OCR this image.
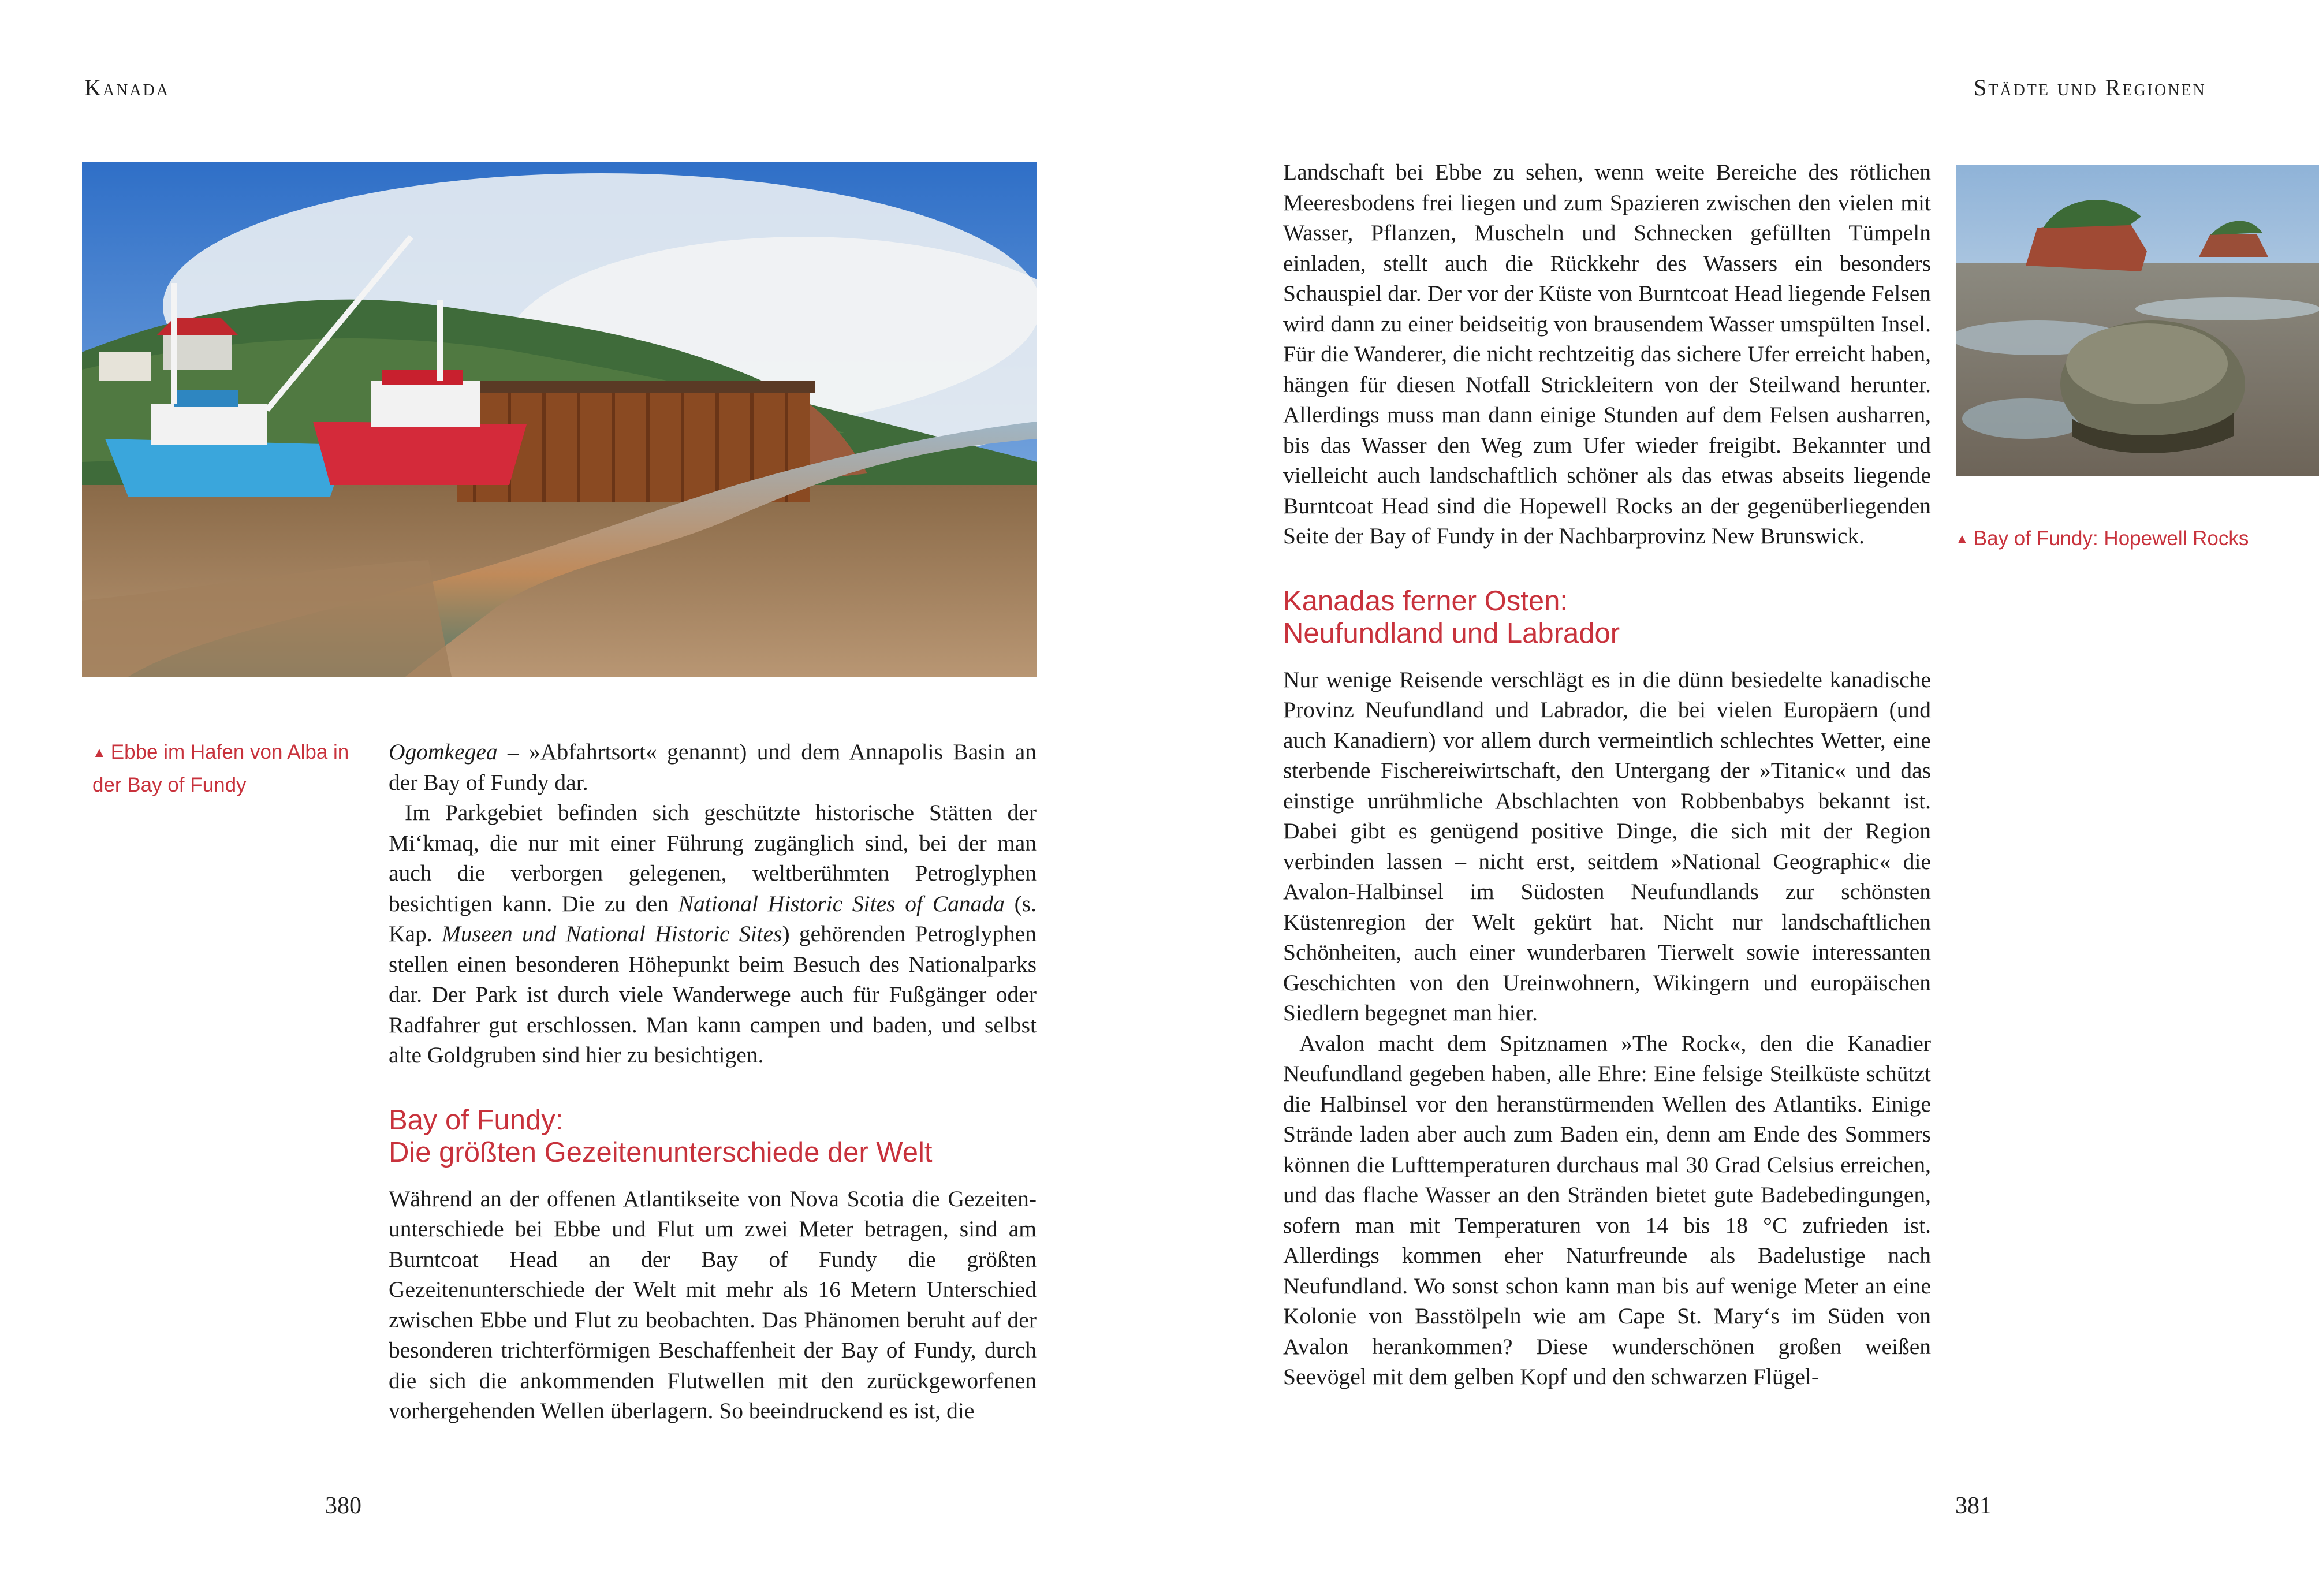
Kanada	Städte und Regionen
▲ Ebbe im Hafen von Alba in der Bay of Fundy

Ogomkegea – »Abfahrtsort« genannt) und dem Annapolis Basin an der Bay of Fundy dar.

Im Parkgebiet befinden sich geschützte historische Stätten der Mi‘kmaq, die nur mit einer Führung zugänglich sind, bei der man auch die verborgen gelegenen, weltberühmten Petroglyphen besichtigen kann. Die zu den National Historic Sites of Canada (s. Kap. Museen und National Historic Sites) gehörenden Petroglyphen stellen einen besonderen Höhepunkt beim Besuch des Nationalparks dar. Der Park ist durch viele Wanderwege auch für Fußgänger oder Radfahrer gut erschlossen. Man kann campen und baden, und selbst alte Goldgruben sind hier zu besichtigen.

Bay of Fundy:
Die größten Gezeitenunterschiede der Welt

Während an der offenen Atlantikseite von Nova Scotia die Gezeiten-unterschiede bei Ebbe und Flut um zwei Meter betragen, sind am Burntcoat Head an der Bay of Fundy die größten Gezeitenunterschiede der Welt mit mehr als 16 Metern Unterschied zwischen Ebbe und Flut zu beobachten. Das Phänomen beruht auf der besonderen trichterförmigen Beschaffenheit der Bay of Fundy, durch die sich die ankommenden Flutwellen mit den zurückgeworfenen vorhergehenden Wellen überlagern. So beeindruckend es ist, die

380

Landschaft bei Ebbe zu sehen, wenn weite Bereiche des rötlichen Meeresbodens frei liegen und zum Spazieren zwischen den vielen mit Wasser, Pflanzen, Muscheln und Schnecken gefüllten Tümpeln einladen, stellt auch die Rückkehr des Wassers ein besonders Schauspiel dar. Der vor der Küste von Burntcoat Head liegende Felsen wird dann zu einer beidseitig von brausendem Wasser umspülten Insel. Für die Wanderer, die nicht rechtzeitig das sichere Ufer erreicht haben, hängen für diesen Notfall Strickleitern von der Steilwand herunter. Allerdings muss man dann einige Stunden auf dem Felsen ausharren, bis das Wasser den Weg zum Ufer wieder freigibt. Bekannter und vielleicht auch landschaftlich schöner als das etwas abseits liegende Burntcoat Head sind die Hopewell Rocks an der gegenüberliegenden Seite der Bay of Fundy in der Nachbarprovinz New Brunswick.

Kanadas ferner Osten:
Neufundland und Labrador

Nur wenige Reisende verschlägt es in die dünn besiedelte kanadische Provinz Neufundland und Labrador, die bei vielen Europäern (und auch Kanadiern) vor allem durch vermeintlich schlechtes Wetter, eine sterbende Fischereiwirtschaft, den Untergang der »Titanic« und das einstige unrühmliche Abschlachten von Robbenbabys bekannt ist. Dabei gibt es genügend positive Dinge, die sich mit der Region verbinden lassen – nicht erst, seitdem »National Geographic« die Avalon-Halbinsel im Südosten Neufundlands zur schönsten Küstenregion der Welt gekürt hat. Nicht nur landschaftlichen Schönheiten, auch einer wunderbaren Tierwelt sowie interessanten Geschichten von den Ureinwohnern, Wikingern und europäischen Siedlern begegnet man hier.

Avalon macht dem Spitznamen »The Rock«, den die Kanadier Neufundland gegeben haben, alle Ehre: Eine felsige Steilküste schützt die Halbinsel vor den heranstürmenden Wellen des Atlantiks. Einige Strände laden aber auch zum Baden ein, denn am Ende des Sommers können die Lufttemperaturen durchaus mal 30 Grad Celsius erreichen, und das flache Wasser an den Stränden bietet gute Badebedingungen, sofern man mit Temperaturen von 14 bis 18 °C zufrieden ist. Allerdings kommen eher Naturfreunde als Badelustige nach Neufundland. Wo sonst schon kann man bis auf wenige Meter an eine Kolonie von Basstölpeln wie am Cape St. Mary‘s im Süden von Avalon herankommen? Diese wunderschönen großen weißen Seevögel mit dem gelben Kopf und den schwarzen Flügel-

▲ Bay of Fundy: Hopewell Rocks
381
